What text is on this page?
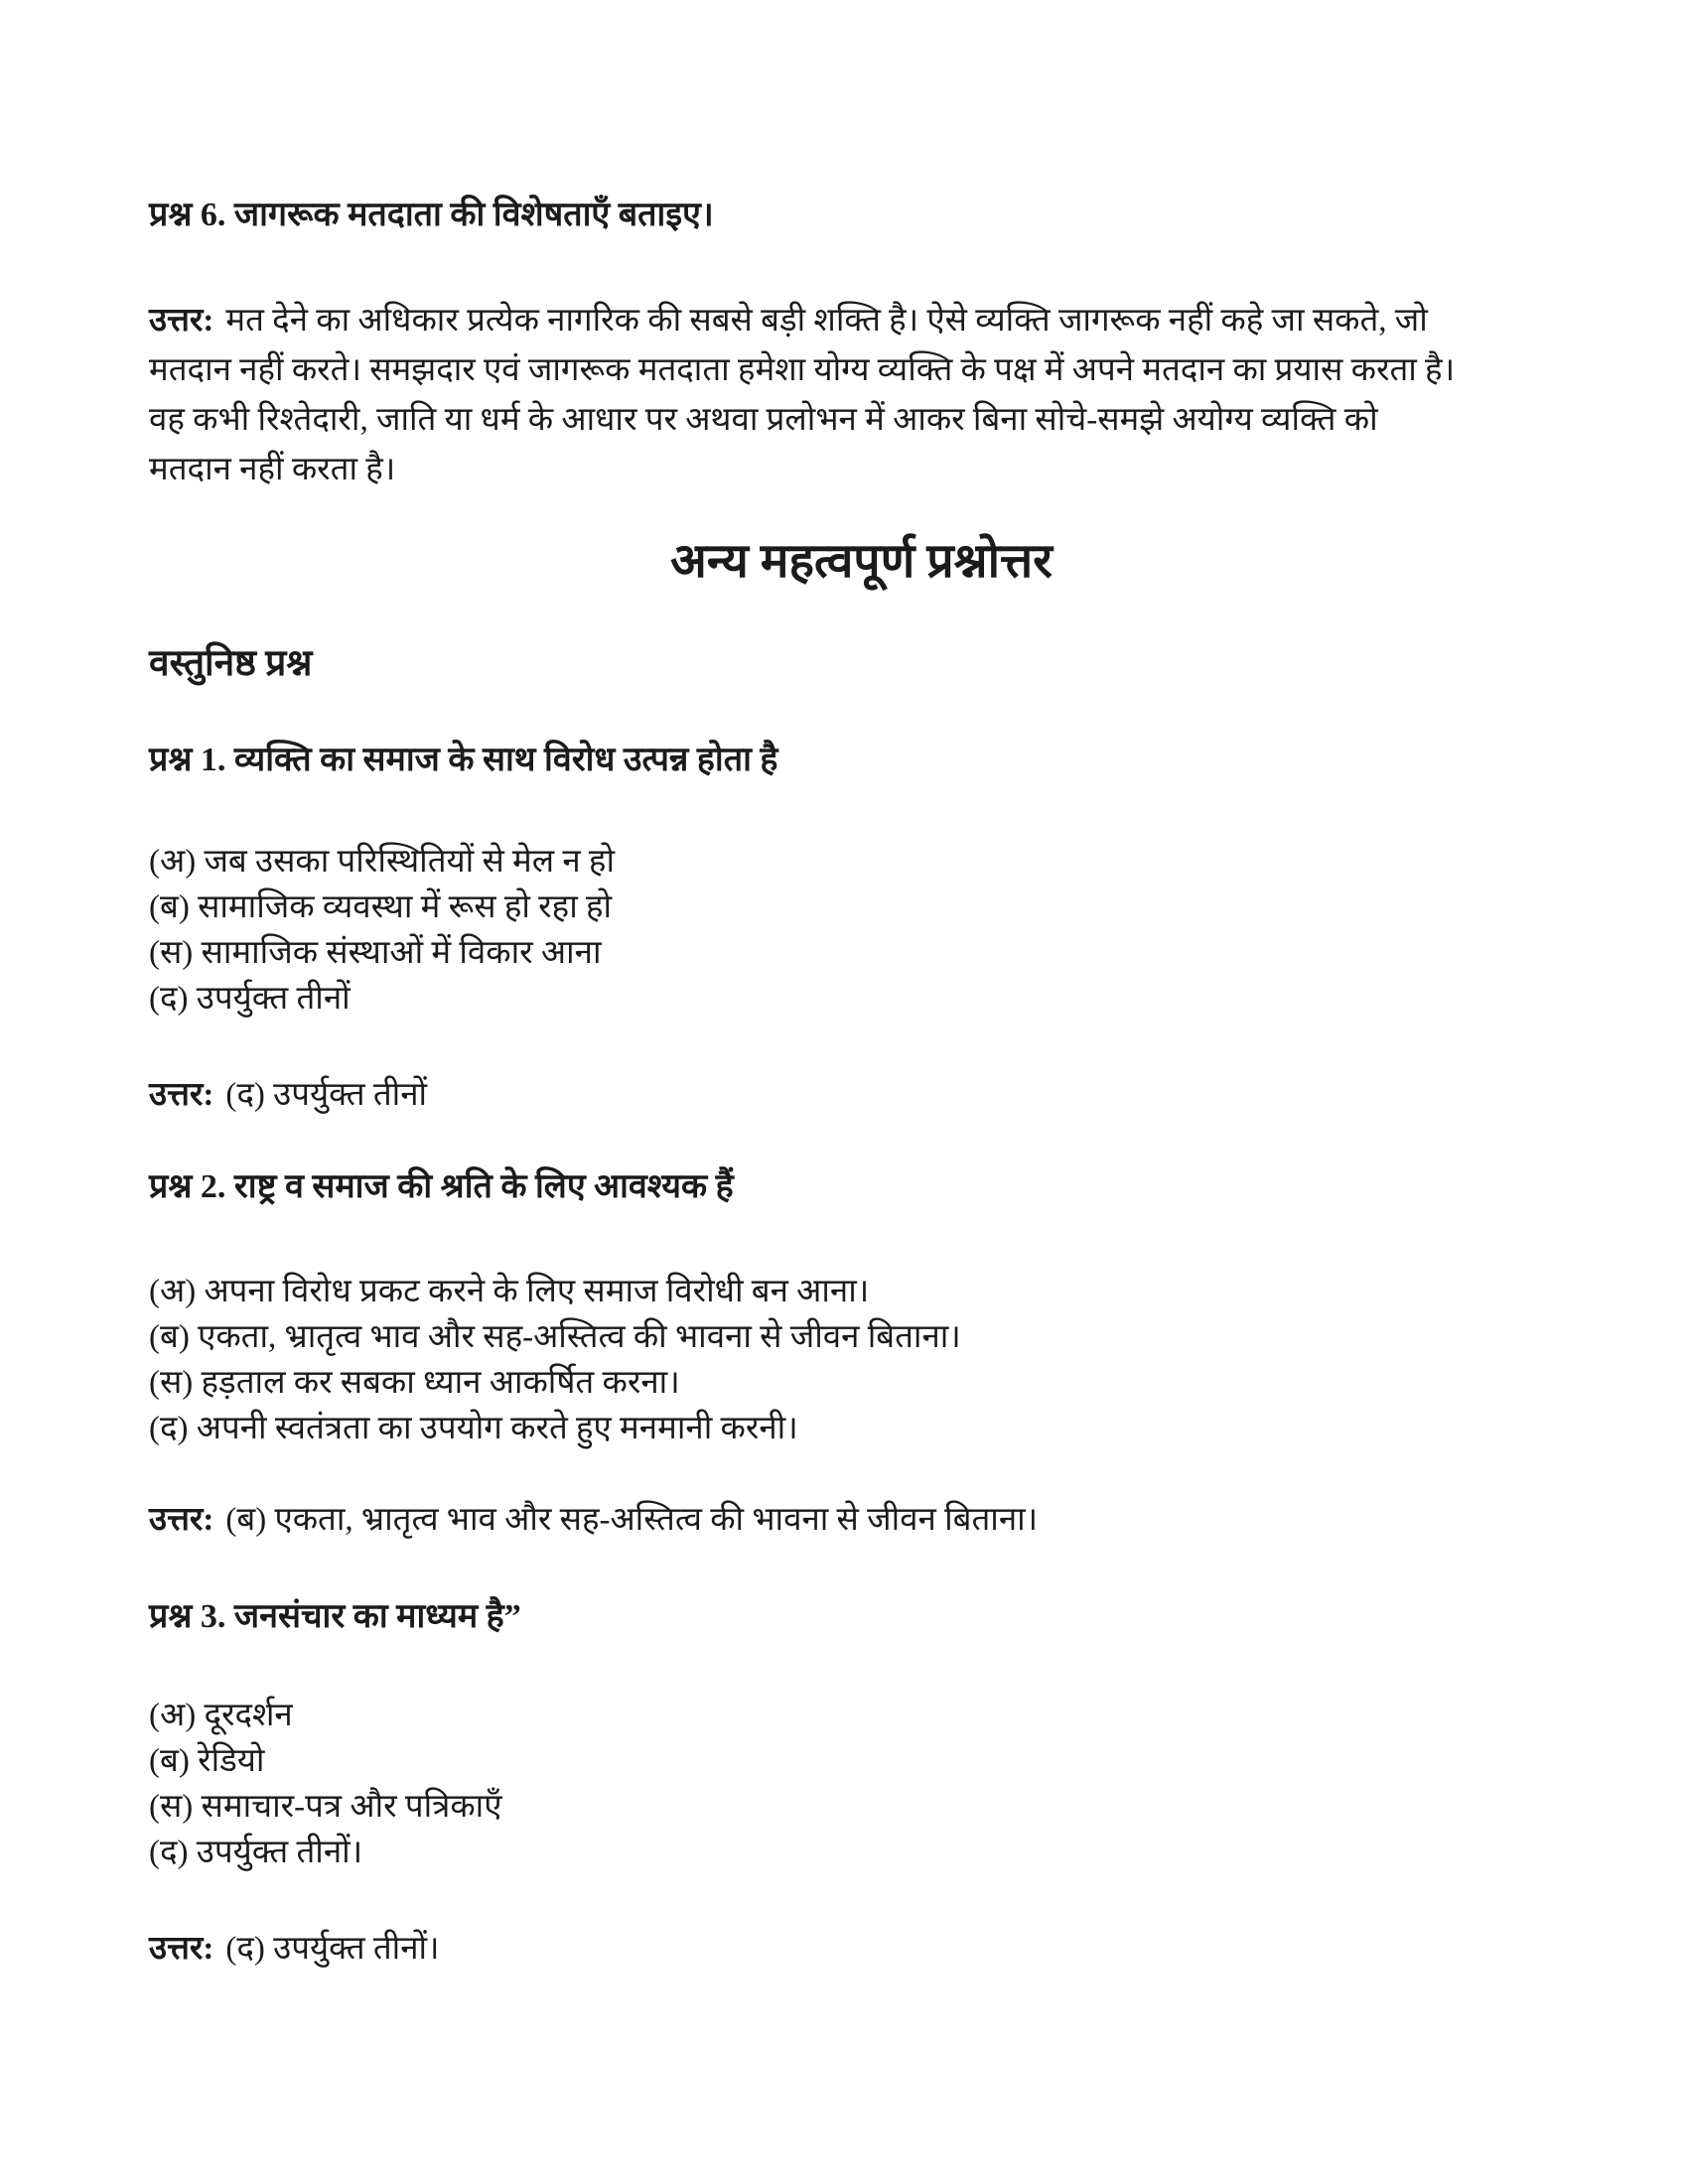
प्रश्न 6. जागरूक मतदाता की विशेषताएँ बताइए।

उत्तर: मत देने का अधिकार प्रत्येक नागरिक की सबसे बड़ी शक्ति है। ऐसे व्यक्ति जागरूक नहीं कहे जा सकते, जो मतदान नहीं करते। समझदार एवं जागरूक मतदाता हमेशा योग्य व्यक्ति के पक्ष में अपने मतदान का प्रयास करता है। वह कभी रिश्तेदारी, जाति या धर्म के आधार पर अथवा प्रलोभन में आकर बिना सोचे-समझे अयोग्य व्यक्ति को मतदान नहीं करता है।

अन्य महत्वपूर्ण प्रश्नोत्तर

वस्तुनिष्ठ प्रश्न

प्रश्न 1. व्यक्ति का समाज के साथ विरोध उत्पन्न होता है

(अ) जब उसका परिस्थितियों से मेल न हो
(ब) सामाजिक व्यवस्था में रूस हो रहा हो
(स) सामाजिक संस्थाओं में विकार आना
(द) उपर्युक्त तीनों

उत्तर: (द) उपर्युक्त तीनों

प्रश्न 2. राष्ट्र व समाज की श्रति के लिए आवश्यक हैं

(अ) अपना विरोध प्रकट करने के लिए समाज विरोधी बन आना।
(ब) एकता, भ्रातृत्व भाव और सह-अस्तित्व की भावना से जीवन बिताना।
(स) हड़ताल कर सबका ध्यान आकर्षित करना।
(द) अपनी स्वतंत्रता का उपयोग करते हुए मनमानी करनी।

उत्तर: (ब) एकता, भ्रातृत्व भाव और सह-अस्तित्व की भावना से जीवन बिताना।

प्रश्न 3. जनसंचार का माध्यम है”

(अ) दूरदर्शन
(ब) रेडियो
(स) समाचार-पत्र और पत्रिकाएँ
(द) उपर्युक्त तीनों।

उत्तर: (द) उपर्युक्त तीनों।
